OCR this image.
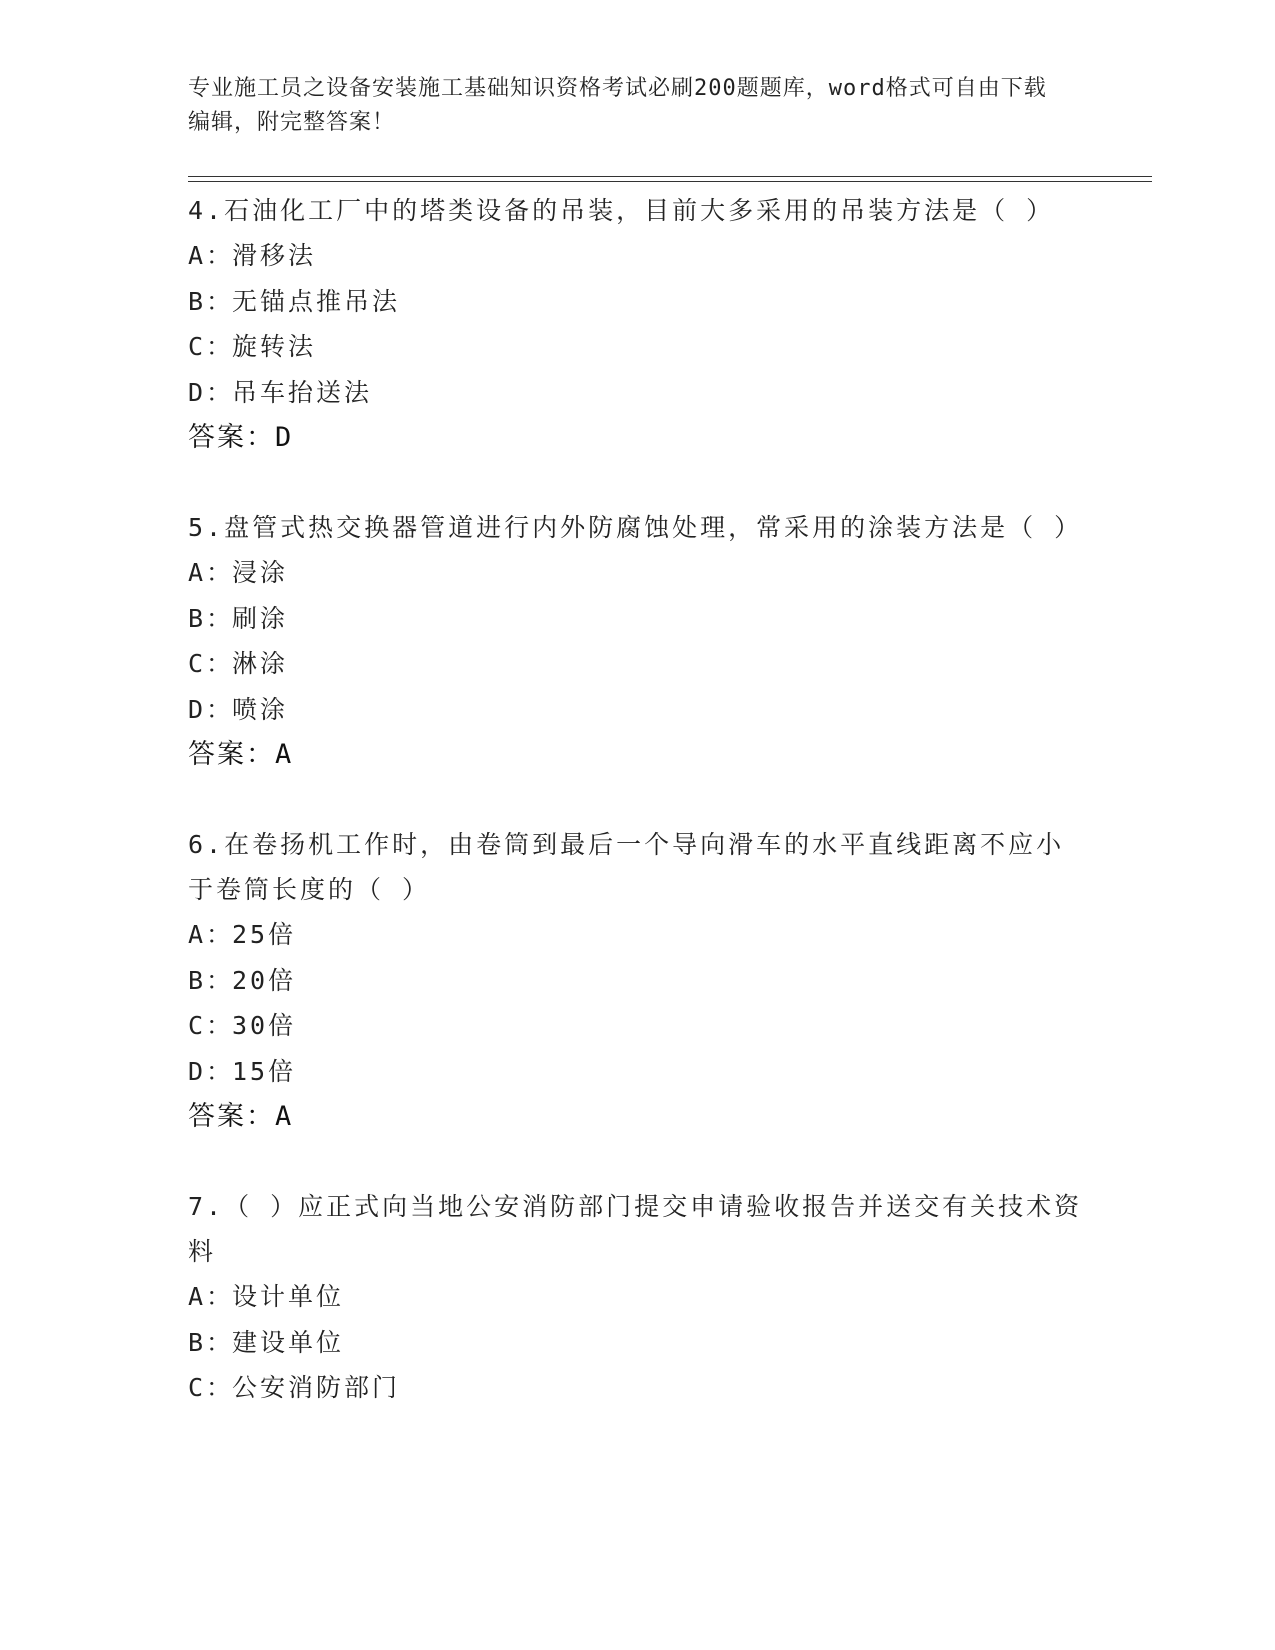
专业施工员之设备安装施工基础知识资格考试必刷200题题库，word格式可自由下载编辑，附完整答案！
4.石油化工厂中的塔类设备的吊装，目前大多采用的吊装方法是（ ）
A：滑移法
B：无锚点推吊法
C：旋转法
D：吊车抬送法
答案：D
5.盘管式热交换器管道进行内外防腐蚀处理，常采用的涂装方法是（ ）
A：浸涂
B：刷涂
C：淋涂
D：喷涂
答案：A
6.在卷扬机工作时，由卷筒到最后一个导向滑车的水平直线距离不应小于卷筒长度的（ ）
A：25倍
B：20倍
C：30倍
D：15倍
答案：A
7.（ ）应正式向当地公安消防部门提交申请验收报告并送交有关技术资料
A：设计单位
B：建设单位
C：公安消防部门
